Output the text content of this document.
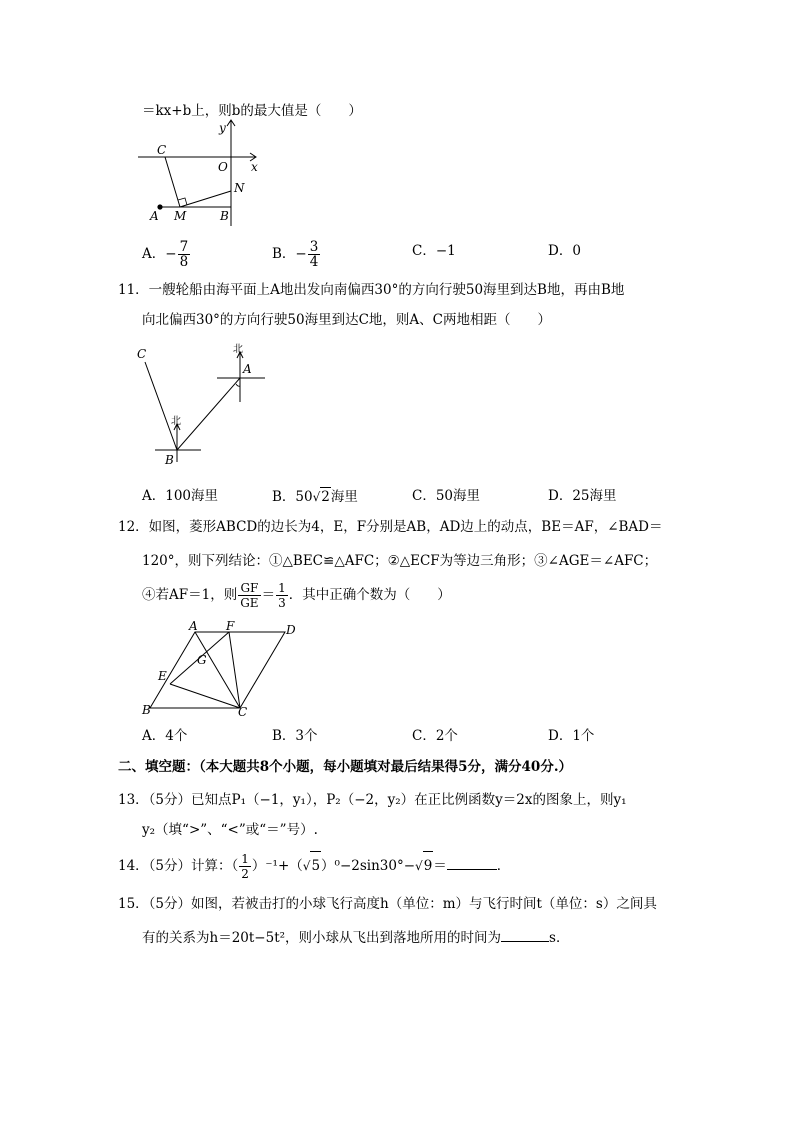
＝kx+b上，则b的最大值是（　　）
y
C
O x
N
A M	B
A．− $\frac{7}{8}$	B．− $\frac{3}{4}$	C．−1	D．0
11．一艘轮船由海平面上A地出发向南偏西30°的方向行驶50海里到达B地，再由B地
向北偏西30°的方向行驶50海里到达C地，则A、C两地相距（　　）
C	北
A
北
B
A．100海里	B．50√2海里	C．50海里	D．25海里
12．如图，菱形ABCD的边长为4，E，F分别是AB，AD边上的动点，BE＝AF，∠BAD＝
120°，则下列结论：①△BEC≌△AFC；②△ECF为等边三角形；③∠AGE＝∠AFC；
④若AF＝1，则 $\frac{GF}{GE} = \frac{1}{3}$ ．其中正确个数为（　　）
A F	D
G
E
B	C
A．4个	B．3个	C．2个	D．1个
二、填空题：（本大题共8个小题，每小题填对最后结果得5分，满分40分.）
13．（5分）已知点P₁（−1，y₁），P₂（−2，y₂）在正比例函数y＝2x的图象上，则y₁
y₂（填“>”、“<”或“＝”号）.
14．（5分）计算：（ $\frac{1}{2} )^{-1}+(√5)^0-2\sin 30^\circ-√9=$	．
15．（5分）如图，若被击打的小球飞行高度h（单位：m）与飞行时间t（单位：s）之间具
有的关系为h＝20t−5t²，则小球从飞出到落地所用的时间为	s．
